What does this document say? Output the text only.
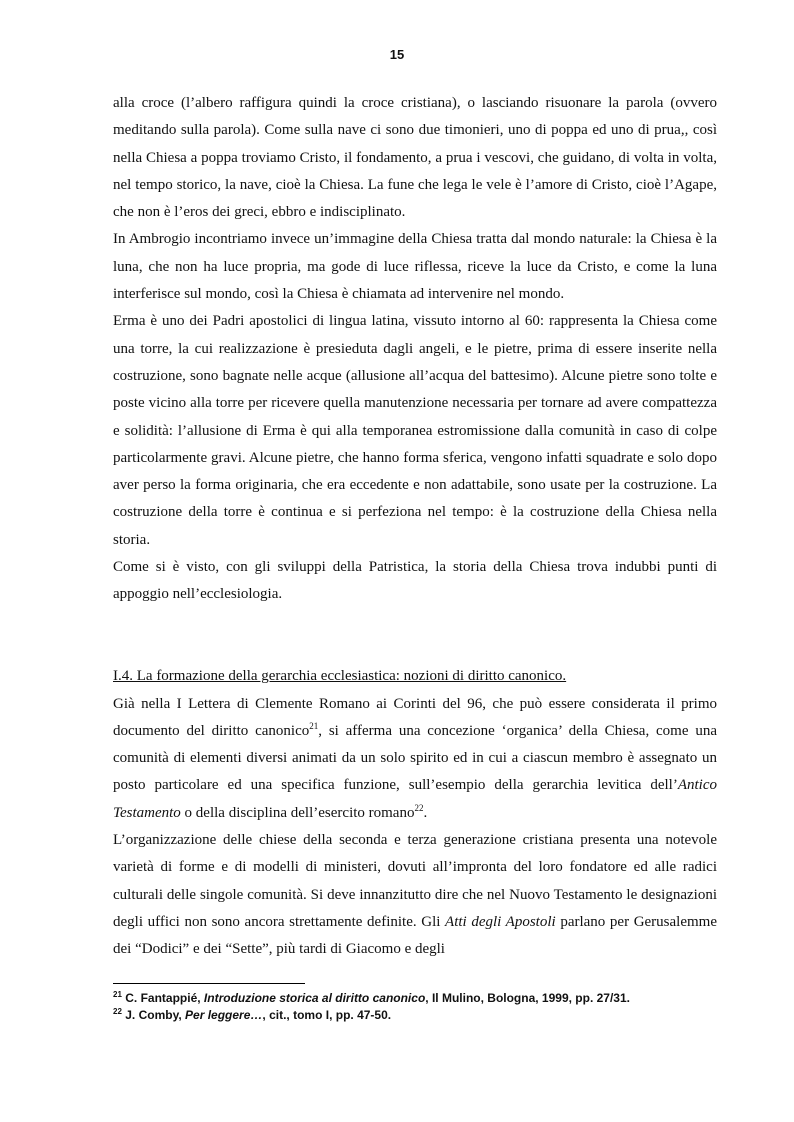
15

alla croce (l’albero raffigura quindi la croce cristiana), o lasciando risuonare la parola (ovvero meditando sulla parola). Come sulla nave ci sono due timonieri, uno di poppa ed uno di prua,, così nella Chiesa a poppa troviamo Cristo, il fondamento, a prua i vescovi, che guidano, di volta in volta, nel tempo storico, la nave, cioè la Chiesa. La fune che lega le vele è l’amore di Cristo, cioè l’Agape, che non è l’eros dei greci, ebbro e indisciplinato.

In Ambrogio incontriamo invece un’immagine della Chiesa tratta dal mondo naturale: la Chiesa è la luna, che non ha luce propria, ma gode di luce riflessa, riceve la luce da Cristo, e come la luna interferisce sul mondo, così la Chiesa è chiamata ad intervenire nel mondo.

Erma è uno dei Padri apostolici di lingua latina, vissuto intorno al 60: rappresenta la Chiesa come una torre, la cui realizzazione è presieduta dagli angeli, e le pietre, prima di essere inserite nella costruzione, sono bagnate nelle acque (allusione all’acqua del battesimo). Alcune pietre sono tolte e poste vicino alla torre per ricevere quella manutenzione necessaria per tornare ad avere compattezza e solidità: l’allusione di Erma è qui alla temporanea estromissione dalla comunità in caso di colpe particolarmente gravi. Alcune pietre, che hanno forma sferica, vengono infatti squadrate e solo dopo aver perso la forma originaria, che era eccedente e non adattabile, sono usate per la costruzione. La costruzione della torre è continua e si perfeziona nel tempo: è la costruzione della Chiesa nella storia.

Come si è visto, con gli sviluppi della Patristica, la storia della Chiesa trova indubbi punti di appoggio nell’ecclesiologia.

I.4. La formazione della gerarchia ecclesiastica: nozioni di diritto canonico.

Già nella I Lettera di Clemente Romano ai Corinti del 96, che può essere considerata il primo documento del diritto canonico$^{21}$, si afferma una concezione ‘organica’ della Chiesa, come una comunità di elementi diversi animati da un solo spirito ed in cui a ciascun membro è assegnato un posto particolare ed una specifica funzione, sull’esempio della gerarchia levitica dell’Antico Testamento o della disciplina dell’esercito romano$^{22}$.

L’organizzazione delle chiese della seconda e terza generazione cristiana presenta una notevole varietà di forme e di modelli di ministeri, dovuti all’impronta del loro fondatore ed alle radici culturali delle singole comunità. Si deve innanzitutto dire che nel Nuovo Testamento le designazioni degli uffici non sono ancora strettamente definite. Gli Atti degli Apostoli parlano per Gerusalemme dei “Dodici” e dei “Sette”, più tardi di Giacomo e degli

$^{21}$ C. Fantappié, Introduzione storica al diritto canonico, Il Mulino, Bologna, 1999, pp. 27/31.

$^{22}$ J. Comby, Per leggere…, cit., tomo I, pp. 47-50.
